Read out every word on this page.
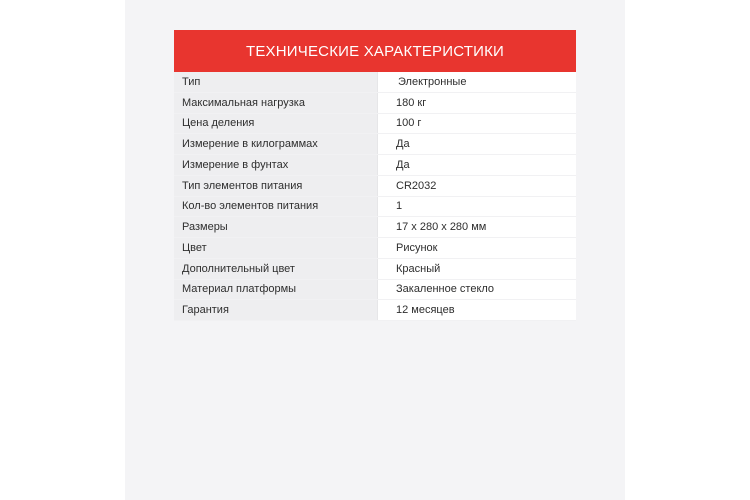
ТЕХНИЧЕСКИЕ ХАРАКТЕРИСТИКИ
Тип	Электронные
Максимальная нагрузка	180 кг
Цена деления	100 г
Измерение в килограммах	Да
Измерение в фунтах	Да
Тип элементов питания	CR2032
Кол-во элементов питания	1
Размеры	17 х 280 х 280 мм
Цвет	Рисунок
Дополнительный цвет	Красный
Материал платформы	Закаленное стекло
Гарантия	12 месяцев
